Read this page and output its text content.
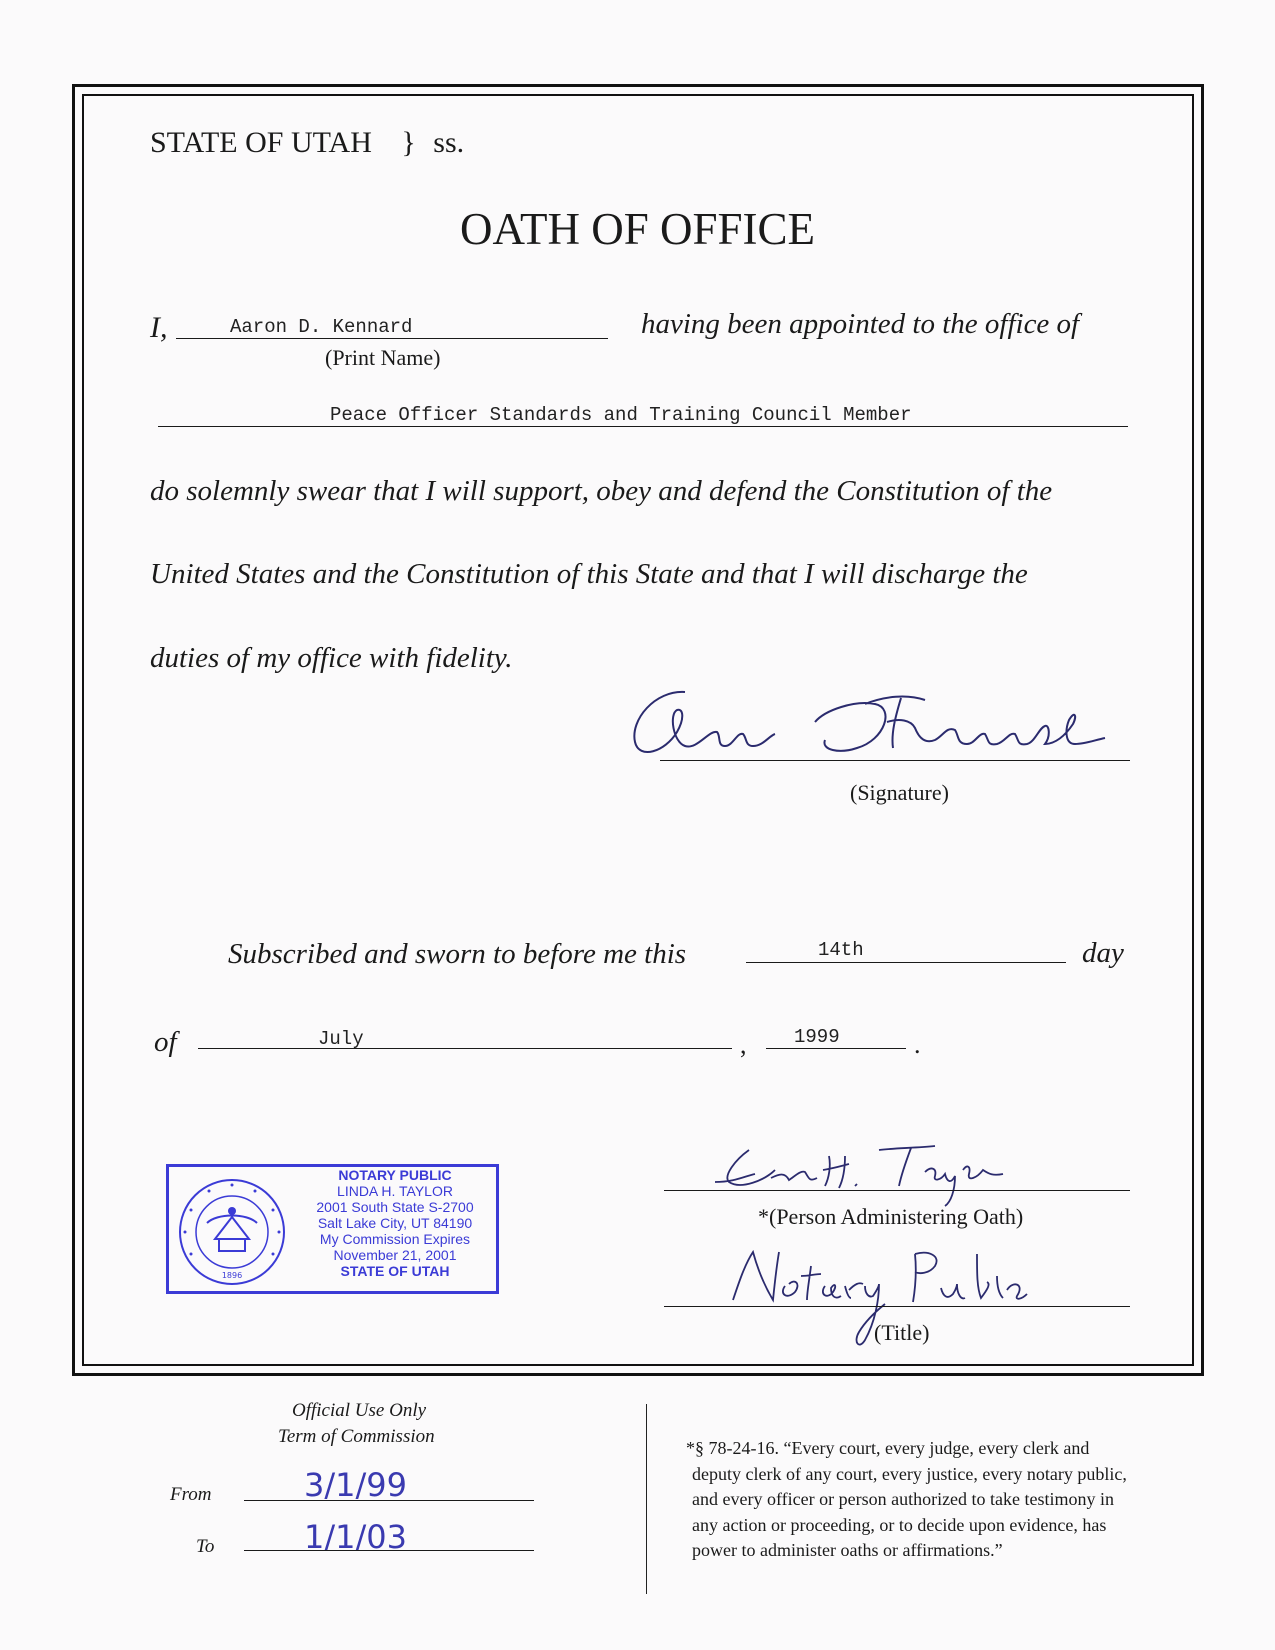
STATE OF UTAH } ss.
OATH OF OFFICE
I,	Aaron D. Kennard
(Print Name)
having been appointed to the office of
Peace Officer Standards and Training Council Member
do solemnly swear that I will support, obey and defend the Constitution of the
United States and the Constitution of this State and that I will discharge the
duties of my office with fidelity.
(Signature)
Subscribed and sworn to before me this	14th	day
of	July	,	1999	.
1896
NOTARY PUBLIC
LINDA H. TAYLOR
2001 South State S-2700
Salt Lake City, UT 84190
My Commission Expires
November 21, 2001
STATE OF UTAH
*(Person Administering Oath)
(Title)
Official Use Only
Term of Commission
From	3/1/99
To	1/1/03
*§ 78-24-16. “Every court, every judge, every clerk and
deputy clerk of any court, every justice, every notary public,
and every officer or person authorized to take testimony in
any action or proceeding, or to decide upon evidence, has
power to administer oaths or affirmations.”
